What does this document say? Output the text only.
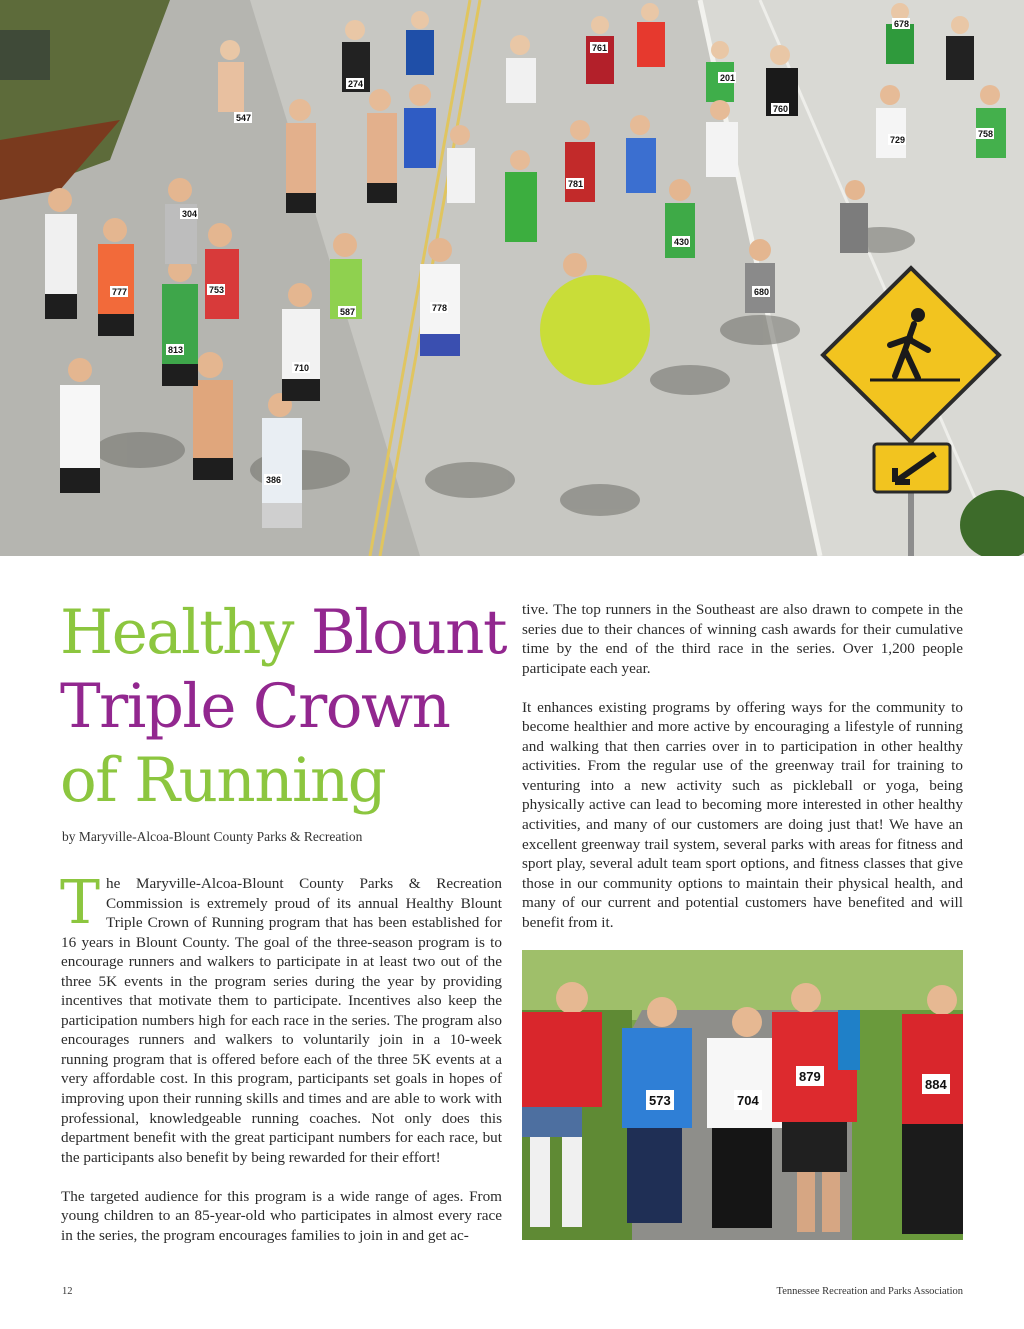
547
274
678
201
760
304
758
781
430
761
777	753
587	778
813
710
680
386
729
Healthy Blount
Triple Crown
of Running
by Maryville-Alcoa-Blount County Parks & Recreation

The Maryville-Alcoa-Blount County Parks & Recreation Commission is extremely proud of its annual Healthy Blount Triple Crown of Running program that has been established for 16 years in Blount County. The goal of the three-season program is to encourage runners and walkers to participate in at least two out of the three 5K events in the program series during the year by providing incentives that motivate them to participate. Incentives also keep the participation numbers high for each race in the series. The program also encourages runners and walkers to voluntarily join in a 10-week running program that is offered before each of the three 5K events at a very affordable cost. In this program, participants set goals in hopes of improving upon their running skills and times and are able to work with professional, knowledgeable running coaches. Not only does this department benefit with the great participant numbers for each race, but the participants also benefit by being rewarded for their effort!

The targeted audience for this program is a wide range of ages. From young children to an 85-year-old who participates in almost every race in the series, the program encourages families to join in and get ac-

tive. The top runners in the Southeast are also drawn to compete in the series due to their chances of winning cash awards for their cumulative time by the end of the third race in the series. Over 1,200 people participate each year.

It enhances existing programs by offering ways for the community to become healthier and more active by encouraging a lifestyle of running and walking that then carries over in to participation in other healthy activities. From the regular use of the greenway trail for training to venturing into a new activity such as pickleball or yoga, being physically active can lead to becoming more interested in other healthy activities, and many of our customers are doing just that! We have an excellent greenway trail system, several parks with areas for fitness and sport play, several adult team sport options, and fitness classes that give those in our community options to maintain their physical health, and many of our current and potential customers have benefited and will benefit from it.

573	704
879
884
12	Tennessee Recreation and Parks Association
